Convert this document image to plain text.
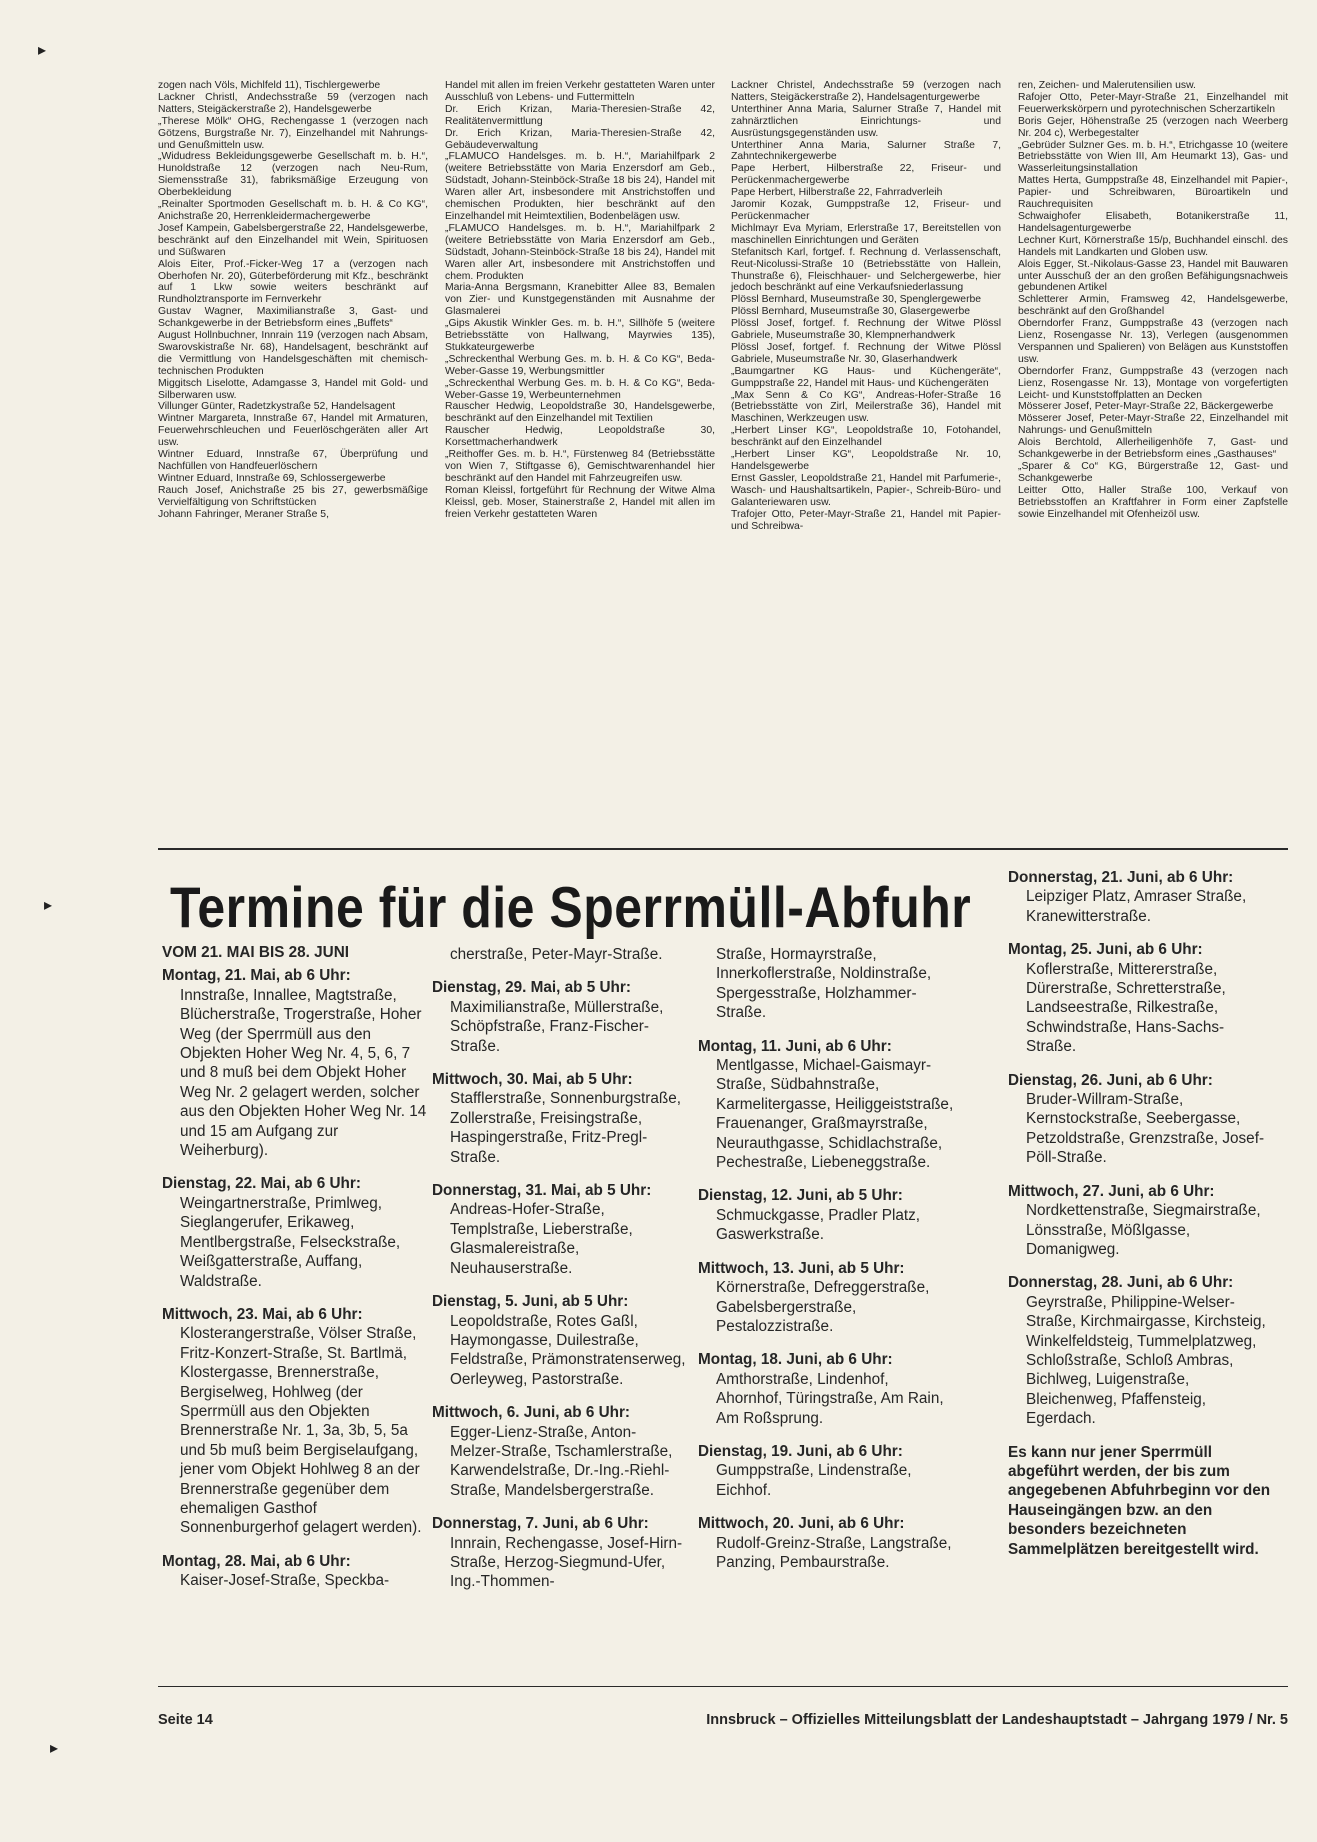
▸
▸
▸

zogen nach Völs, Michlfeld 11), Tischlergewerbe

Lackner Christl, Andechsstraße 59 (verzogen nach Natters, Steigäckerstraße 2), Handelsgewerbe

„Therese Mölk“ OHG, Rechengasse 1 (verzogen nach Götzens, Burgstraße Nr. 7), Einzelhandel mit Nahrungs- und Genußmitteln usw.

„Widudress Bekleidungsgewerbe Gesellschaft m. b. H.“, Hunoldstraße 12 (verzogen nach Neu-Rum, Siemensstraße 31), fabriksmäßige Erzeugung von Oberbekleidung

„Reinalter Sportmoden Gesellschaft m. b. H. & Co KG“, Anichstraße 20, Herrenkleidermachergewerbe

Josef Kampein, Gabelsbergerstraße 22, Handelsgewerbe, beschränkt auf den Einzelhandel mit Wein, Spirituosen und Süßwaren

Alois Eiter, Prof.-Ficker-Weg 17 a (verzogen nach Oberhofen Nr. 20), Güterbeförderung mit Kfz., beschränkt auf 1 Lkw sowie weiters beschränkt auf Rundholztransporte im Fernverkehr

Gustav Wagner, Maximilianstraße 3, Gast- und Schankgewerbe in der Betriebsform eines „Buffets“

August Hollnbuchner, Innrain 119 (verzogen nach Absam, Swarovskistraße Nr. 68), Handelsagent, beschränkt auf die Vermittlung von Handelsgeschäften mit chemisch-technischen Produkten

Miggitsch Liselotte, Adamgasse 3, Handel mit Gold- und Silberwaren usw.

Villunger Günter, Radetzkystraße 52, Handelsagent

Wintner Margareta, Innstraße 67, Handel mit Armaturen, Feuerwehrschleuchen und Feuerlöschgeräten aller Art usw.

Wintner Eduard, Innstraße 67, Überprüfung und Nachfüllen von Handfeuerlöschern

Wintner Eduard, Innstraße 69, Schlossergewerbe

Rauch Josef, Anichstraße 25 bis 27, gewerbsmäßige Vervielfältigung von Schriftstücken

Johann Fahringer, Meraner Straße 5,

Handel mit allen im freien Verkehr gestatteten Waren unter Ausschluß von Lebens- und Futtermitteln

Dr. Erich Krizan, Maria-Theresien-Straße 42, Realitätenvermittlung

Dr. Erich Krizan, Maria-Theresien-Straße 42, Gebäudeverwaltung

„FLAMUCO Handelsges. m. b. H.“, Mariahilfpark 2 (weitere Betriebsstätte von Maria Enzersdorf am Geb., Südstadt, Johann-Steinböck-Straße 18 bis 24), Handel mit Waren aller Art, insbesondere mit Anstrichstoffen und chemischen Produkten, hier beschränkt auf den Einzelhandel mit Heimtextilien, Bodenbelägen usw.

„FLAMUCO Handelsges. m. b. H.“, Mariahilfpark 2 (weitere Betriebsstätte von Maria Enzersdorf am Geb., Südstadt, Johann-Steinböck-Straße 18 bis 24), Handel mit Waren aller Art, insbesondere mit Anstrichstoffen und chem. Produkten

Maria-Anna Bergsmann, Kranebitter Allee 83, Bemalen von Zier- und Kunstgegenständen mit Ausnahme der Glasmalerei

„Gips Akustik Winkler Ges. m. b. H.“, Sillhöfe 5 (weitere Betriebsstätte von Hallwang, Mayrwies 135), Stukkateurgewerbe

„Schreckenthal Werbung Ges. m. b. H. & Co KG“, Beda-Weber-Gasse 19, Werbungsmittler

„Schreckenthal Werbung Ges. m. b. H. & Co KG“, Beda-Weber-Gasse 19, Werbeunternehmen

Rauscher Hedwig, Leopoldstraße 30, Handelsgewerbe, beschränkt auf den Einzelhandel mit Textilien

Rauscher Hedwig, Leopoldstraße 30, Korsettmacherhandwerk

„Reithoffer Ges. m. b. H.“, Fürstenweg 84 (Betriebsstätte von Wien 7, Stiftgasse 6), Gemischtwarenhandel hier beschränkt auf den Handel mit Fahrzeugreifen usw.

Roman Kleissl, fortgeführt für Rechnung der Witwe Alma Kleissl, geb. Moser, Stainerstraße 2, Handel mit allen im freien Verkehr gestatteten Waren

Lackner Christel, Andechsstraße 59 (verzogen nach Natters, Steigäckerstraße 2), Handelsagenturgewerbe

Unterthiner Anna Maria, Salurner Straße 7, Handel mit zahnärztlichen Einrichtungs- und Ausrüstungsgegenständen usw.

Unterthiner Anna Maria, Salurner Straße 7, Zahntechnikergewerbe

Pape Herbert, Hilberstraße 22, Friseur- und Perückenmachergewerbe

Pape Herbert, Hilberstraße 22, Fahrradverleih

Jaromir Kozak, Gumppstraße 12, Friseur- und Perückenmacher

Michlmayr Eva Myriam, Erlerstraße 17, Bereitstellen von maschinellen Einrichtungen und Geräten

Stefanitsch Karl, fortgef. f. Rechnung d. Verlassenschaft, Reut-Nicolussi-Straße 10 (Betriebsstätte von Hallein, Thunstraße 6), Fleischhauer- und Selchergewerbe, hier jedoch beschränkt auf eine Verkaufsniederlassung

Plössl Bernhard, Museumstraße 30, Spenglergewerbe

Plössl Bernhard, Museumstraße 30, Glasergewerbe

Plössl Josef, fortgef. f. Rechnung der Witwe Plössl Gabriele, Museumstraße 30, Klempnerhandwerk

Plössl Josef, fortgef. f. Rechnung der Witwe Plössl Gabriele, Museumstraße Nr. 30, Glaserhandwerk

„Baumgartner KG Haus- und Küchengeräte“, Gumppstraße 22, Handel mit Haus- und Küchengeräten

„Max Senn & Co KG“, Andreas-Hofer-Straße 16 (Betriebsstätte von Zirl, Meilerstraße 36), Handel mit Maschinen, Werkzeugen usw.

„Herbert Linser KG“, Leopoldstraße 10, Fotohandel, beschränkt auf den Einzelhandel

„Herbert Linser KG“, Leopoldstraße Nr. 10, Handelsgewerbe

Ernst Gassler, Leopoldstraße 21, Handel mit Parfumerie-, Wasch- und Haushaltsartikeln, Papier-, Schreib-Büro- und Galanteriewaren usw.

Trafojer Otto, Peter-Mayr-Straße 21, Handel mit Papier- und Schreibwa-

ren, Zeichen- und Malerutensilien usw.

Rafojer Otto, Peter-Mayr-Straße 21, Einzelhandel mit Feuerwerkskörpern und pyrotechnischen Scherzartikeln

Boris Gejer, Höhenstraße 25 (verzogen nach Weerberg Nr. 204 c), Werbegestalter

„Gebrüder Sulzner Ges. m. b. H.“, Etrichgasse 10 (weitere Betriebsstätte von Wien III, Am Heumarkt 13), Gas- und Wasserleitungsinstallation

Mattes Herta, Gumppstraße 48, Einzelhandel mit Papier-, Papier- und Schreibwaren, Büroartikeln und Rauchrequisiten

Schwaighofer Elisabeth, Botanikerstraße 11, Handelsagenturgewerbe

Lechner Kurt, Körnerstraße 15/p, Buchhandel einschl. des Handels mit Landkarten und Globen usw.

Alois Egger, St.-Nikolaus-Gasse 23, Handel mit Bauwaren unter Ausschuß der an den großen Befähigungsnachweis gebundenen Artikel

Schletterer Armin, Framsweg 42, Handelsgewerbe, beschränkt auf den Großhandel

Oberndorfer Franz, Gumppstraße 43 (verzogen nach Lienz, Rosengasse Nr. 13), Verlegen (ausgenommen Verspannen und Spalieren) von Belägen aus Kunststoffen usw.

Oberndorfer Franz, Gumppstraße 43 (verzogen nach Lienz, Rosengasse Nr. 13), Montage von vorgefertigten Leicht- und Kunststoffplatten an Decken

Mösserer Josef, Peter-Mayr-Straße 22, Bäckergewerbe

Mösserer Josef, Peter-Mayr-Straße 22, Einzelhandel mit Nahrungs- und Genußmitteln

Alois Berchtold, Allerheiligenhöfe 7, Gast- und Schankgewerbe in der Betriebsform eines „Gasthauses“

„Sparer & Co“ KG, Bürgerstraße 12, Gast- und Schankgewerbe

Leitter Otto, Haller Straße 100, Verkauf von Betriebsstoffen an Kraftfahrer in Form einer Zapfstelle sowie Einzelhandel mit Ofenheizöl usw.

Termine für die Sperrmüll-Abfuhr

VOM 21. MAI BIS 28. JUNI

Montag, 21. Mai, ab 6 Uhr:

Innstraße, Innallee, Magtstraße, Blücherstraße, Trogerstraße, Hoher Weg (der Sperrmüll aus den Objekten Hoher Weg Nr. 4, 5, 6, 7 und 8 muß bei dem Objekt Hoher Weg Nr. 2 gelagert werden, solcher aus den Objekten Hoher Weg Nr. 14 und 15 am Aufgang zur Weiherburg).

Dienstag, 22. Mai, ab 6 Uhr:

Weingartnerstraße, Primlweg, Sieglangerufer, Erikaweg, Mentlbergstraße, Felseckstraße, Weißgatterstraße, Auffang, Waldstraße.

Mittwoch, 23. Mai, ab 6 Uhr:

Klosterangerstraße, Völser Straße, Fritz-Konzert-Straße, St. Bartlmä, Klostergasse, Brennerstraße, Bergiselweg, Hohlweg (der Sperrmüll aus den Objekten Brennerstraße Nr. 1, 3a, 3b, 5, 5a und 5b muß beim Bergiselaufgang, jener vom Objekt Hohlweg 8 an der Brennerstraße gegenüber dem ehemaligen Gasthof Sonnenburgerhof gelagert werden).

Montag, 28. Mai, ab 6 Uhr:

Kaiser-Josef-Straße, Speckba-

cherstraße, Peter-Mayr-Straße.

Dienstag, 29. Mai, ab 5 Uhr:

Maximilianstraße, Müllerstraße, Schöpfstraße, Franz-Fischer-Straße.

Mittwoch, 30. Mai, ab 5 Uhr:

Stafflerstraße, Sonnenburgstraße, Zollerstraße, Freisingstraße, Haspingerstraße, Fritz-Pregl-Straße.

Donnerstag, 31. Mai, ab 5 Uhr:

Andreas-Hofer-Straße, Templstraße, Lieberstraße, Glasmalereistraße, Neuhauserstraße.

Dienstag, 5. Juni, ab 5 Uhr:

Leopoldstraße, Rotes Gaßl, Haymongasse, Duilestraße, Feldstraße, Prämonstratenserweg, Oerleyweg, Pastorstraße.

Mittwoch, 6. Juni, ab 6 Uhr:

Egger-Lienz-Straße, Anton-Melzer-Straße, Tschamlerstraße, Karwendelstraße, Dr.-Ing.-Riehl-Straße, Mandelsbergerstraße.

Donnerstag, 7. Juni, ab 6 Uhr:

Innrain, Rechengasse, Josef-Hirn-Straße, Herzog-Siegmund-Ufer, Ing.-Thommen-

Straße, Hormayrstraße, Innerkoflerstraße, Noldinstraße, Spergesstraße, Holzhammer-Straße.

Montag, 11. Juni, ab 6 Uhr:

Mentlgasse, Michael-Gaismayr-Straße, Südbahnstraße, Karmelitergasse, Heiliggeiststraße, Frauenanger, Graßmayrstraße, Neurauthgasse, Schidlachstraße, Pechestraße, Liebeneggstraße.

Dienstag, 12. Juni, ab 5 Uhr:

Schmuckgasse, Pradler Platz, Gaswerkstraße.

Mittwoch, 13. Juni, ab 5 Uhr:

Körnerstraße, Defreggerstraße, Gabelsbergerstraße, Pestalozzistraße.

Montag, 18. Juni, ab 6 Uhr:

Amthorstraße, Lindenhof, Ahornhof, Türingstraße, Am Rain, Am Roßsprung.

Dienstag, 19. Juni, ab 6 Uhr:

Gumppstraße, Lindenstraße, Eichhof.

Mittwoch, 20. Juni, ab 6 Uhr:

Rudolf-Greinz-Straße, Langstraße, Panzing, Pembaurstraße.

Donnerstag, 21. Juni, ab 6 Uhr:

Leipziger Platz, Amraser Straße, Kranewitterstraße.

Montag, 25. Juni, ab 6 Uhr:

Koflerstraße, Mittererstraße, Dürerstraße, Schretterstraße, Landseestraße, Rilkestraße, Schwindstraße, Hans-Sachs-Straße.

Dienstag, 26. Juni, ab 6 Uhr:

Bruder-Willram-Straße, Kernstockstraße, Seebergasse, Petzoldstraße, Grenzstraße, Josef-Pöll-Straße.

Mittwoch, 27. Juni, ab 6 Uhr:

Nordkettenstraße, Siegmairstraße, Lönsstraße, Mößlgasse, Domanigweg.

Donnerstag, 28. Juni, ab 6 Uhr:

Geyrstraße, Philippine-Welser-Straße, Kirchmairgasse, Kirchsteig, Winkelfeldsteig, Tummelplatzweg, Schloßstraße, Schloß Ambras, Bichlweg, Luigenstraße, Bleichenweg, Pfaffensteig, Egerdach.

Es kann nur jener Sperrmüll abgeführt werden, der bis zum angegebenen Abfuhrbeginn vor den Hauseingängen bzw. an den besonders bezeichneten Sammelplätzen bereitgestellt wird.

Seite 14	Innsbruck – Offizielles Mitteilungsblatt der Landeshauptstadt – Jahrgang 1979 / Nr. 5
